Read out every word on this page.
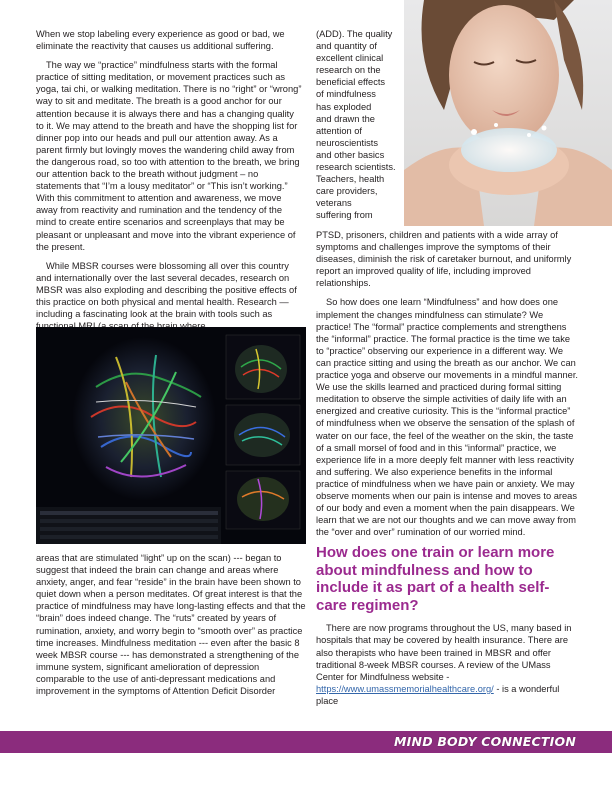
When we stop labeling every experience as good or bad, we eliminate the reactivity that causes us additional suffering.

The way we “practice” mindfulness starts with the formal practice of sitting meditation, or movement practices such as yoga, tai chi, or walking meditation. There is no “right” or “wrong” way to sit and meditate. The breath is a good anchor for our attention because it is always there and has a changing quality to it. We may attend to the breath and have the shopping list for dinner pop into our heads and pull our attention away. As a parent firmly but lovingly moves the wandering child away from the dangerous road, so too with attention to the breath, we bring our attention back to the breath without judgment – no statements that “I’m a lousy meditator” or “This isn’t working.” With this commitment to attention and awareness, we move away from reactivity and rumination and the tendency of the mind to create entire scenarios and screenplays that may be pleasant or unpleasant and move into the vibrant experience of the present.

While MBSR courses were blossoming all over this country and internationally over the last several decades, research on MBSR was also exploding and describing the positive effects of this practice on both physical and mental health. Research — including a fascinating look at the brain with tools such as

areas that are stimulated “light” up on the scan) --- began to suggest that indeed the brain can change and areas where anxiety, anger, and fear “reside” in the brain have been shown to quiet down when a person meditates. Of great interest is that the practice of mindfulness may have long-lasting effects and that the “brain” does indeed change. The “ruts” created by years of rumination, anxiety, and worry begin to “smooth over” as practice time increases. Mindfulness meditation --- even after the basic 8 week MBSR course --- has demonstrated a strengthening of the immune system, significant amelioration of depression comparable to the use of anti-depressant medications and improvement in the symptoms of Attention Deficit Disorder

(ADD). The quality
and quantity of
excellent clinical
research on the
beneficial effects
of mindfulness
has exploded
and drawn the
attention of
neuroscientists
and other basics
research scientists.
Teachers, health
care providers,
veterans
suffering from

PTSD, prisoners, children and patients with a wide array of symptoms and challenges improve the symptoms of their diseases, diminish the risk of caretaker burnout, and uniformly report an improved quality of life, including improved relationships.

So how does one learn “Mindfulness” and how does one implement the changes mindfulness can stimulate? We practice! The “formal” practice complements and strengthens the “informal” practice. The formal practice is the time we take to “practice” observing our experience in a different way. We can practice sitting and using the breath as our anchor. We can practice yoga and observe our movements in a mindful manner. We use the skills learned and practiced during formal sitting meditation to observe the simple activities of daily life with an energized and creative curiosity. This is the “informal practice” of mindfulness when we observe the sensation of the splash of water on our face, the feel of the weather on the skin, the taste of a small morsel of food and in this “informal” practice, we experience life in a more deeply felt manner with less reactivity and suffering. We also experience benefits in the informal practice of mindfulness when we have pain or anxiety. We may observe moments when our pain is intense and moves to areas of our body and even a moment when the pain disappears. We learn that we are not our thoughts and we can move away from the “over and over” rumination of our worried mind.

How does one train or learn more about mindfulness and how to include it as part of a health self-care regimen?

There are now programs throughout the US, many based in hospitals that may be covered by health insurance. There are also therapists who have been trained in MBSR and offer traditional 8-week MBSR courses. A review of the UMass Center for Mindfulness website - https://www.umassmemorialhealthcare.org/ - is a wonderful place

MIND BODY CONNECTION
